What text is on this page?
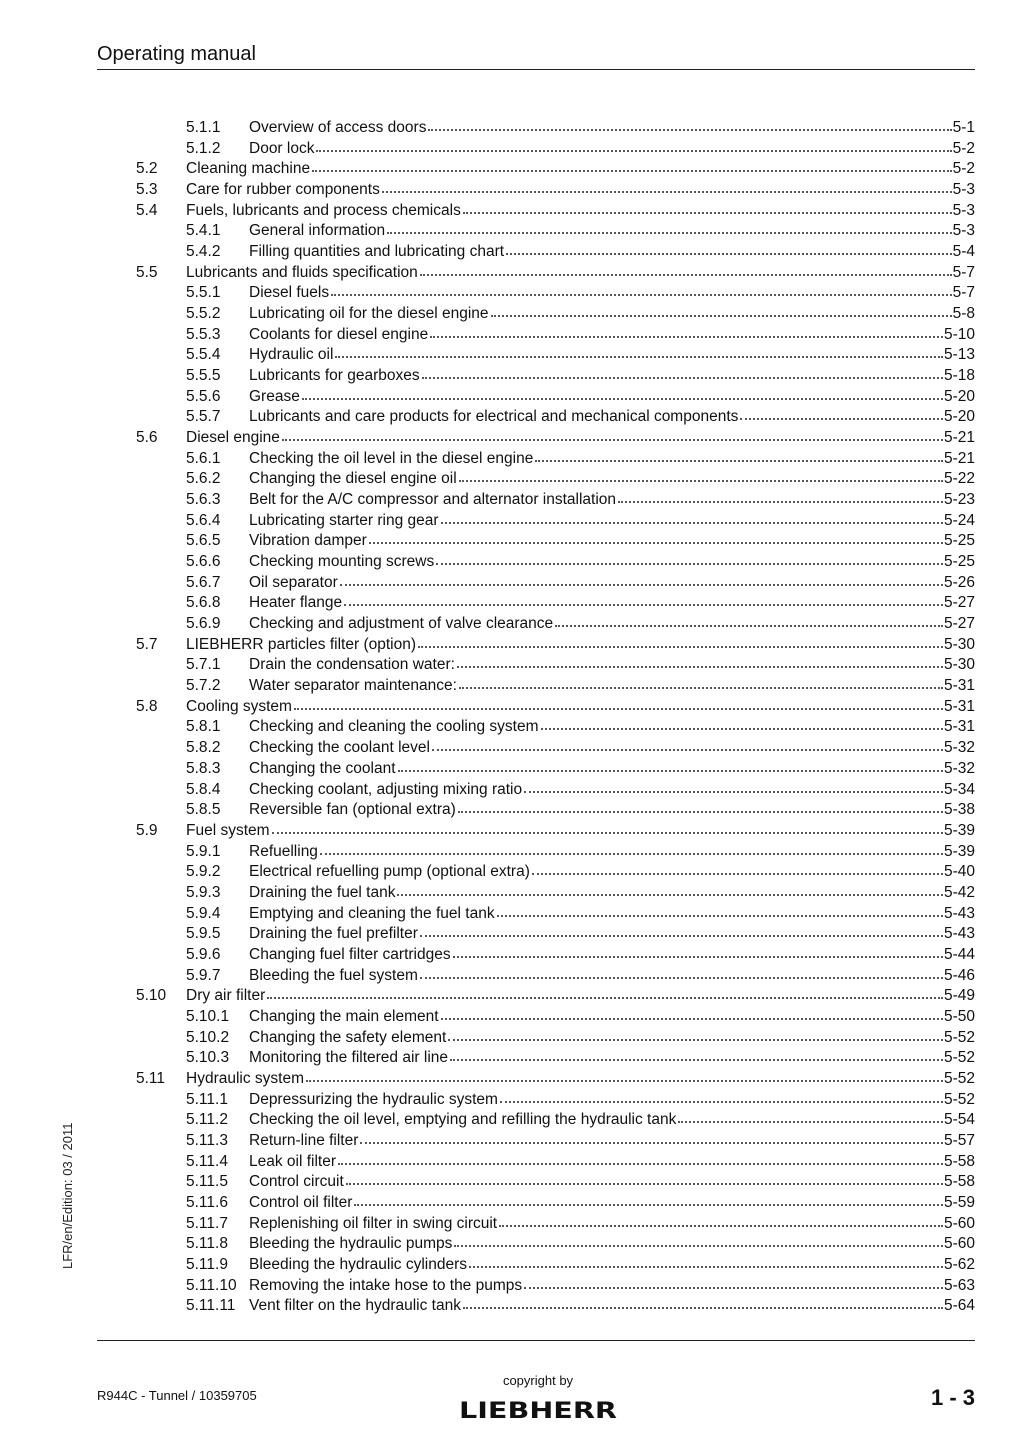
Operating manual
5.1.1	Overview of access doors	5-1
5.1.2	Door lock	5-2
5.2	Cleaning machine	5-2
5.3	Care for rubber components	5-3
5.4	Fuels, lubricants and process chemicals	5-3
5.4.1	General information	5-3
5.4.2	Filling quantities and lubricating chart	5-4
5.5	Lubricants and fluids specification	5-7
5.5.1	Diesel fuels	5-7
5.5.2	Lubricating oil for the diesel engine	5-8
5.5.3	Coolants for diesel engine	5-10
5.5.4	Hydraulic oil	5-13
5.5.5	Lubricants for gearboxes	5-18
5.5.6	Grease	5-20
5.5.7	Lubricants and care products for electrical and mechanical components	5-20
5.6	Diesel engine	5-21
5.6.1	Checking the oil level in the diesel engine	5-21
5.6.2	Changing the diesel engine oil	5-22
5.6.3	Belt for the A/C compressor and alternator installation	5-23
5.6.4	Lubricating starter ring gear	5-24
5.6.5	Vibration damper	5-25
5.6.6	Checking mounting screws	5-25
5.6.7	Oil separator	5-26
5.6.8	Heater flange	5-27
5.6.9	Checking and adjustment of valve clearance	5-27
5.7	LIEBHERR particles filter (option)	5-30
5.7.1	Drain the condensation water:	5-30
5.7.2	Water separator maintenance:	5-31
5.8	Cooling system	5-31
5.8.1	Checking and cleaning the cooling system	5-31
5.8.2	Checking the coolant level	5-32
5.8.3	Changing the coolant	5-32
5.8.4	Checking coolant, adjusting mixing ratio	5-34
5.8.5	Reversible fan (optional extra)	5-38
5.9	Fuel system	5-39
5.9.1	Refuelling	5-39
5.9.2	Electrical refuelling pump (optional extra)	5-40
5.9.3	Draining the fuel tank	5-42
5.9.4	Emptying and cleaning the fuel tank	5-43
5.9.5	Draining the fuel prefilter	5-43
5.9.6	Changing fuel filter cartridges	5-44
5.9.7	Bleeding the fuel system	5-46
5.10	Dry air filter	5-49
5.10.1	Changing the main element	5-50
5.10.2	Changing the safety element	5-52
5.10.3	Monitoring the filtered air line	5-52
5.11	Hydraulic system	5-52
5.11.1	Depressurizing the hydraulic system	5-52
5.11.2	Checking the oil level, emptying and refilling the hydraulic tank	5-54
5.11.3	Return-line filter	5-57
5.11.4	Leak oil filter	5-58
5.11.5	Control circuit	5-58
5.11.6	Control oil filter	5-59
5.11.7	Replenishing oil filter in swing circuit	5-60
5.11.8	Bleeding the hydraulic pumps	5-60
5.11.9	Bleeding the hydraulic cylinders	5-62
5.11.10 Removing the intake hose to the pumps	5-63
5.11.11 Vent filter on the hydraulic tank	5-64
LFR/en/Edition: 03 / 2011
R944C - Tunnel / 10359705
copyright by
LIEBHERR
1 - 3
